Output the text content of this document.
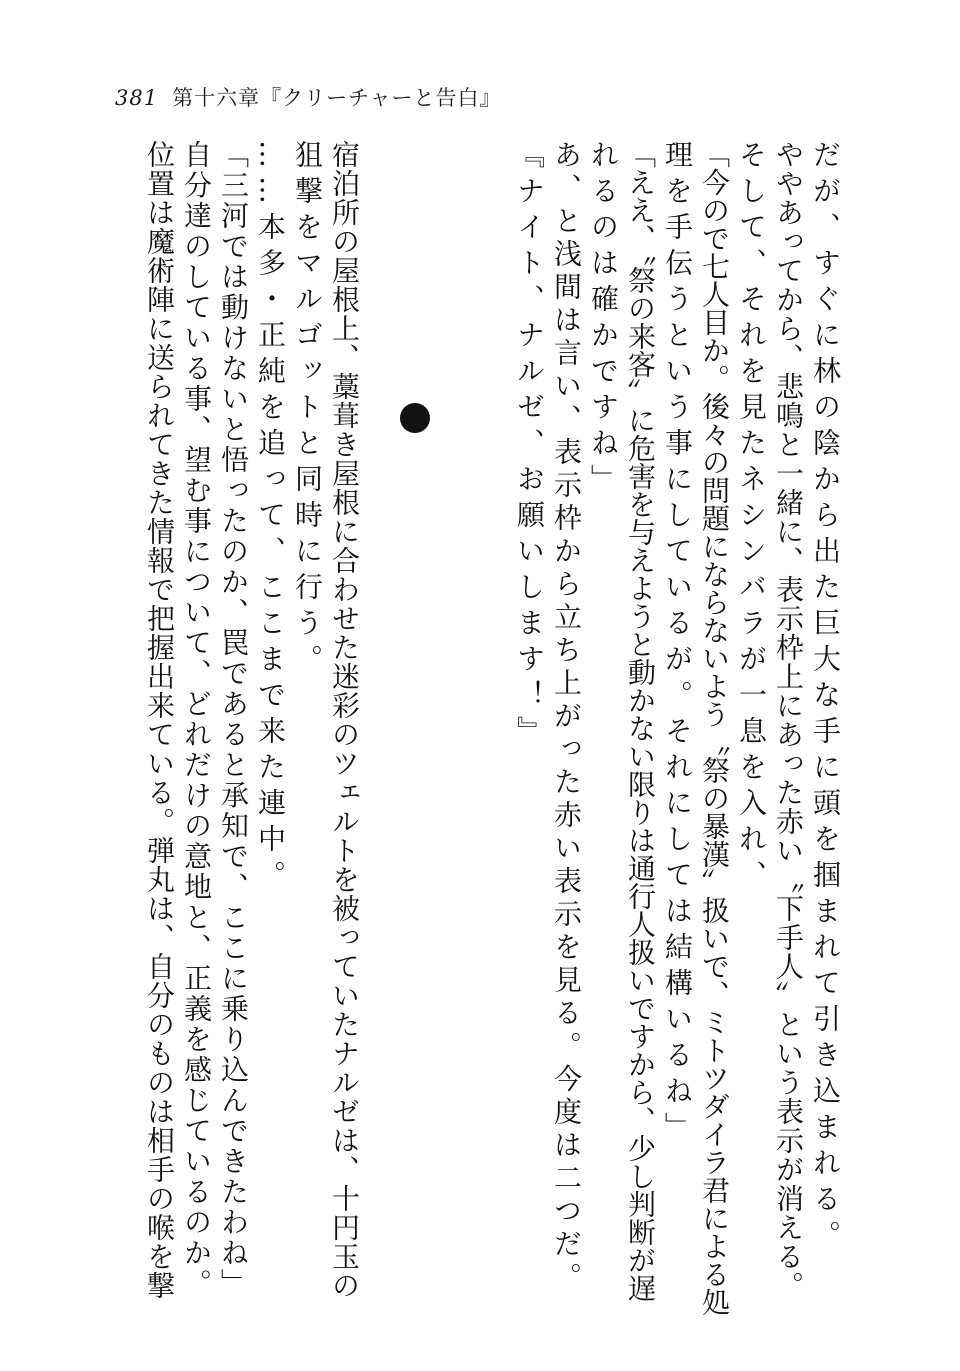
381 第十六章『クリーチャーと告白』
だが、すぐに林の陰から出た巨大な手に頭を掴まれて引き込まれる。
ややあってから、悲鳴と一緒に、表示枠上にあった赤い〝下手人〟という表示が消える。
そして、それを見たネシンバラが一息を入れ、
「今ので七人目か。後々の問題にならないよう〝祭の暴漢〟扱いで、ミトツダイラ君による処
理を手伝うという事にしているが。それにしては結構いるね」
「ええ、〝祭の来客〟に危害を与えようと動かない限りは通行人扱いですから、少し判断が遅
れるのは確かですね」
あ、と浅間は言い、表示枠から立ち上がった赤い表示を見る。今度は二つだ。
『ナイト、ナルゼ、お願いします！』
宿泊所の屋根上、藁葺き屋根に合わせた迷彩のツェルトを被っていたナルゼは、十円玉の
狙撃をマルゴットと同時に行う。
……本多・正純を追って、ここまで来た連中。
「三河では動けないと悟ったのか、罠であると承知で、ここに乗り込んできたわね」
自分達のしている事、望む事について、どれだけの意地と、正義を感じているのか。
位置は魔術陣に送られてきた情報で把握出来ている。弾丸は、自分のものは相手の喉を撃
